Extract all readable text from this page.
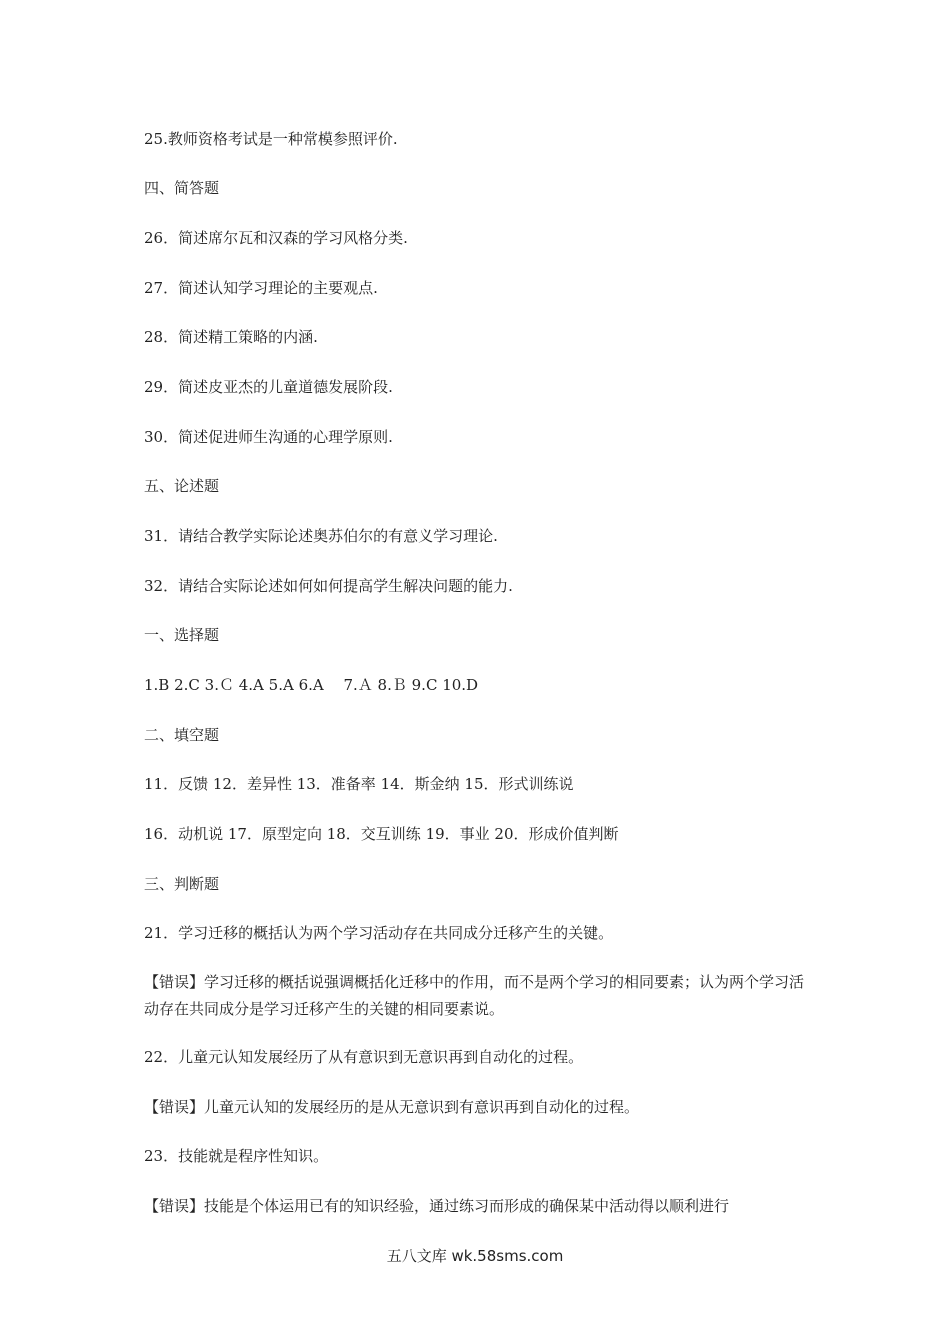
25.教师资格考试是一种常模参照评价.
四、简答题
26．简述席尔瓦和汉森的学习风格分类.
27．简述认知学习理论的主要观点.
28．简述精工策略的内涵.
29．简述皮亚杰的儿童道德发展阶段.
30．简述促进师生沟通的心理学原则.
五、论述题
31．请结合教学实际论述奥苏伯尔的有意义学习理论.
32．请结合实际论述如何如何提高学生解决问题的能力.
一、选择题
1.B 2.C 3.Ｃ 4.A 5.A 6.A　 7.Ａ 8.Ｂ 9.C 10.D
二、填空题
11．反馈 12．差异性 13．准备率 14．斯金纳 15．形式训练说
16．动机说 17．原型定向 18．交互训练 19．事业 20．形成价值判断
三、判断题
21．学习迁移的概括认为两个学习活动存在共同成分迁移产生的关键。
【错误】学习迁移的概括说强调概括化迁移中的作用，而不是两个学习的相同要素；认为两个学习活动存在共同成分是学习迁移产生的关键的相同要素说。
22．儿童元认知发展经历了从有意识到无意识再到自动化的过程。
【错误】儿童元认知的发展经历的是从无意识到有意识再到自动化的过程。
23．技能就是程序性知识。
【错误】技能是个体运用已有的知识经验，通过练习而形成的确保某中活动得以顺利进行
五八文库 wk.58sms.com
